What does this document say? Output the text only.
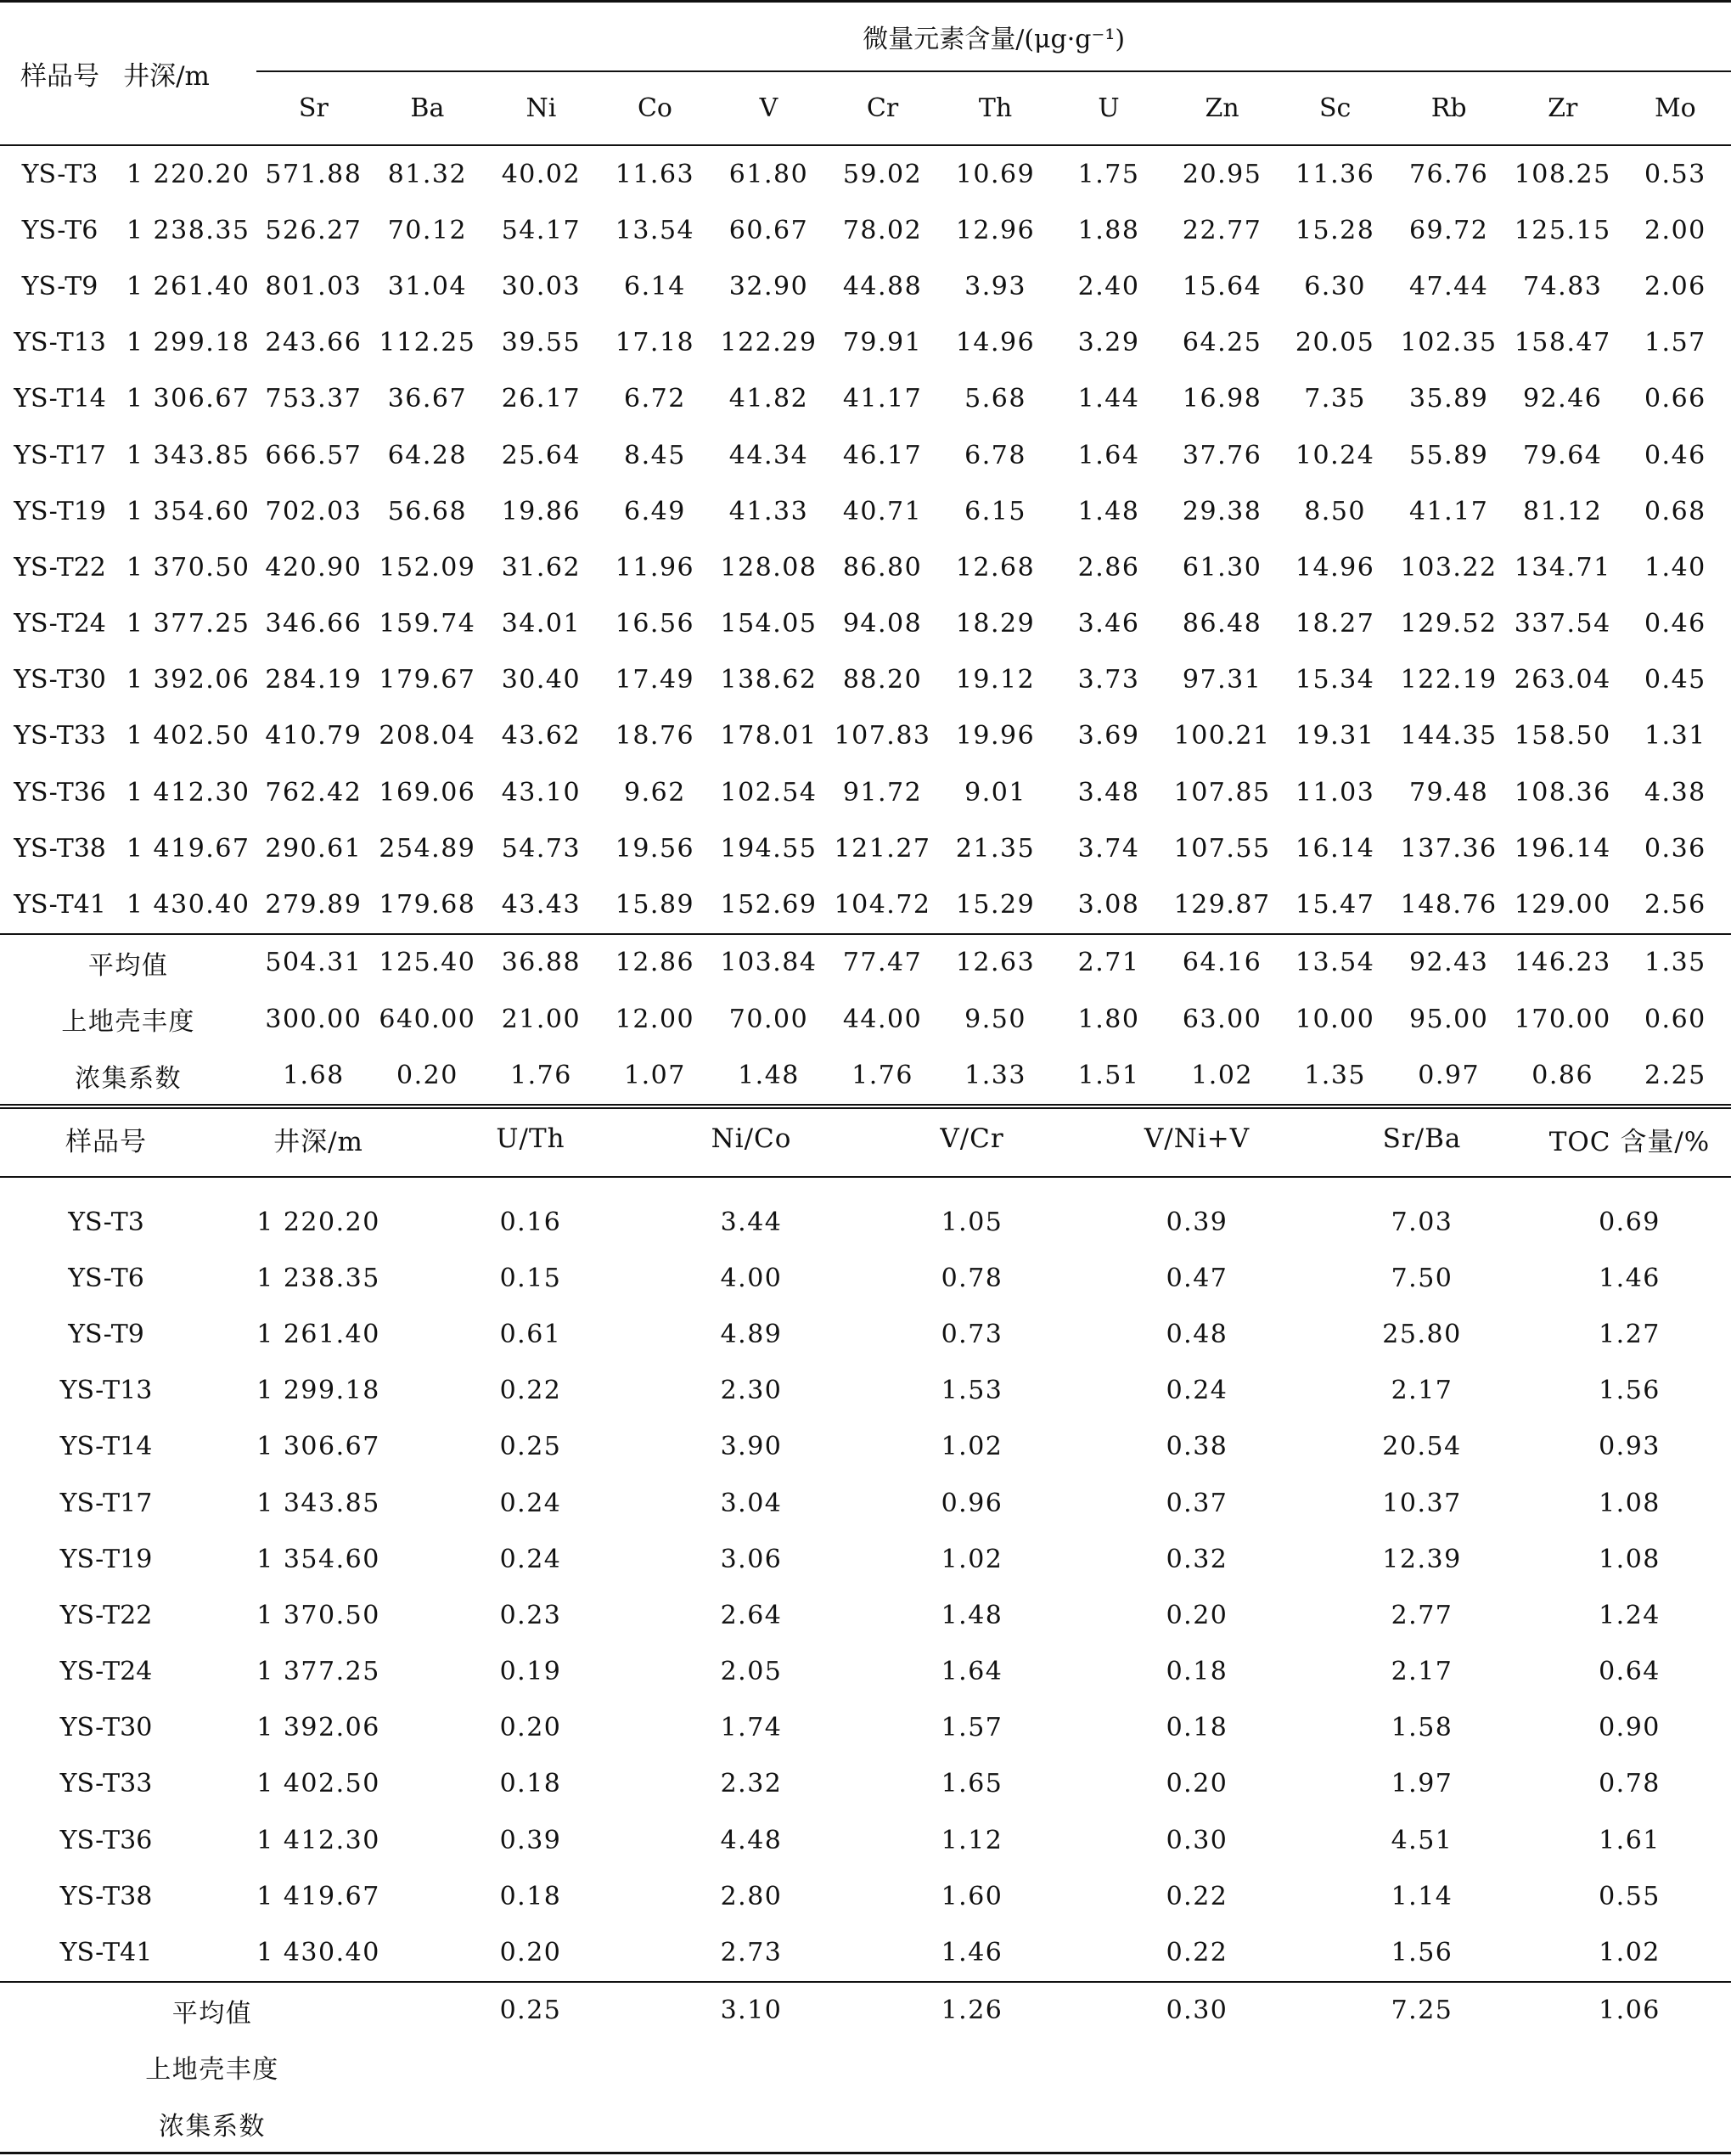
样品号	井深/m	微量元素含量/(μg·g⁻¹)												
		Sr	Ba	Ni	Co	V	Cr	Th	U	Zn	Sc	Rb	Zr	Mo
YS-T3	1 220.20	571.88	81.32	40.02	11.63	61.80	59.02	10.69	1.75	20.95	11.36	76.76	108.25	0.53
YS-T6	1 238.35	526.27	70.12	54.17	13.54	60.67	78.02	12.96	1.88	22.77	15.28	69.72	125.15	2.00
YS-T9	1 261.40	801.03	31.04	30.03	6.14	32.90	44.88	3.93	2.40	15.64	6.30	47.44	74.83	2.06
YS-T13	1 299.18	243.66	112.25	39.55	17.18	122.29	79.91	14.96	3.29	64.25	20.05	102.35	158.47	1.57
YS-T14	1 306.67	753.37	36.67	26.17	6.72	41.82	41.17	5.68	1.44	16.98	7.35	35.89	92.46	0.66
YS-T17	1 343.85	666.57	64.28	25.64	8.45	44.34	46.17	6.78	1.64	37.76	10.24	55.89	79.64	0.46
YS-T19	1 354.60	702.03	56.68	19.86	6.49	41.33	40.71	6.15	1.48	29.38	8.50	41.17	81.12	0.68
YS-T22	1 370.50	420.90	152.09	31.62	11.96	128.08	86.80	12.68	2.86	61.30	14.96	103.22	134.71	1.40
YS-T24	1 377.25	346.66	159.74	34.01	16.56	154.05	94.08	18.29	3.46	86.48	18.27	129.52	337.54	0.46
YS-T30	1 392.06	284.19	179.67	30.40	17.49	138.62	88.20	19.12	3.73	97.31	15.34	122.19	263.04	0.45
YS-T33	1 402.50	410.79	208.04	43.62	18.76	178.01	107.83	19.96	3.69	100.21	19.31	144.35	158.50	1.31
YS-T36	1 412.30	762.42	169.06	43.10	9.62	102.54	91.72	9.01	3.48	107.85	11.03	79.48	108.36	4.38
YS-T38	1 419.67	290.61	254.89	54.73	19.56	194.55	121.27	21.35	3.74	107.55	16.14	137.36	196.14	0.36
YS-T41	1 430.40	279.89	179.68	43.43	15.89	152.69	104.72	15.29	3.08	129.87	15.47	148.76	129.00	2.56
平均值		504.31	125.40	36.88	12.86	103.84	77.47	12.63	2.71	64.16	13.54	92.43	146.23	1.35
上地壳丰度		300.00	640.00	21.00	12.00	70.00	44.00	9.50	1.80	63.00	10.00	95.00	170.00	0.60
浓集系数		1.68	0.20	1.76	1.07	1.48	1.76	1.33	1.51	1.02	1.35	0.97	0.86	2.25
样品号	井深/m	U/Th	Ni/Co	V/Cr	V/Ni+V	Sr/Ba	TOC 含量/%

YS-T3	1 220.20	0.16	3.44	1.05	0.39	7.03	0.69
YS-T6	1 238.35	0.15	4.00	0.78	0.47	7.50	1.46
YS-T9	1 261.40	0.61	4.89	0.73	0.48	25.80	1.27
YS-T13	1 299.18	0.22	2.30	1.53	0.24	2.17	1.56
YS-T14	1 306.67	0.25	3.90	1.02	0.38	20.54	0.93
YS-T17	1 343.85	0.24	3.04	0.96	0.37	10.37	1.08
YS-T19	1 354.60	0.24	3.06	1.02	0.32	12.39	1.08
YS-T22	1 370.50	0.23	2.64	1.48	0.20	2.77	1.24
YS-T24	1 377.25	0.19	2.05	1.64	0.18	2.17	0.64
YS-T30	1 392.06	0.20	1.74	1.57	0.18	1.58	0.90
YS-T33	1 402.50	0.18	2.32	1.65	0.20	1.97	0.78
YS-T36	1 412.30	0.39	4.48	1.12	0.30	4.51	1.61
YS-T38	1 419.67	0.18	2.80	1.60	0.22	1.14	0.55
YS-T41	1 430.40	0.20	2.73	1.46	0.22	1.56	1.02
平均值		0.25	3.10	1.26	0.30	7.25	1.06
上地壳丰度							
浓集系数							
